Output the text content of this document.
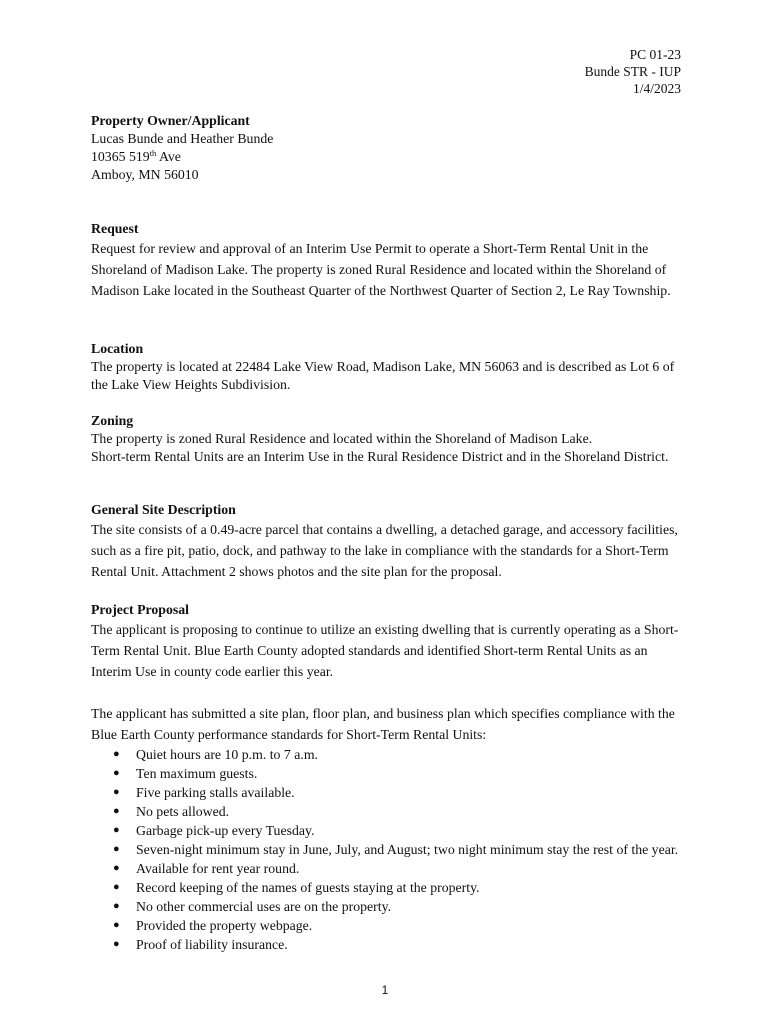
PC 01-23
Bunde STR - IUP
1/4/2023
Property Owner/Applicant
Lucas Bunde and Heather Bunde
10365 519th Ave
Amboy, MN 56010
Request
Request for review and approval of an Interim Use Permit to operate a Short-Term Rental Unit in the Shoreland of Madison Lake. The property is zoned Rural Residence and located within the Shoreland of Madison Lake located in the Southeast Quarter of the Northwest Quarter of Section 2, Le Ray Township.
Location
The property is located at 22484 Lake View Road, Madison Lake, MN 56063 and is described as Lot 6 of the Lake View Heights Subdivision.
Zoning
The property is zoned Rural Residence and located within the Shoreland of Madison Lake.
Short-term Rental Units are an Interim Use in the Rural Residence District and in the Shoreland District.
General Site Description
The site consists of a 0.49-acre parcel that contains a dwelling, a detached garage, and accessory facilities, such as a fire pit, patio, dock, and pathway to the lake in compliance with the standards for a Short-Term Rental Unit. Attachment 2 shows photos and the site plan for the proposal.
Project Proposal
The applicant is proposing to continue to utilize an existing dwelling that is currently operating as a Short-Term Rental Unit. Blue Earth County adopted standards and identified Short-term Rental Units as an Interim Use in county code earlier this year.
The applicant has submitted a site plan, floor plan, and business plan which specifies compliance with the Blue Earth County performance standards for Short-Term Rental Units:
● Quiet hours are 10 p.m. to 7 a.m.
● Ten maximum guests.
● Five parking stalls available.
● No pets allowed.
● Garbage pick-up every Tuesday.
● Seven-night minimum stay in June, July, and August; two night minimum stay the rest of the year.
● Available for rent year round.
● Record keeping of the names of guests staying at the property.
● No other commercial uses are on the property.
● Provided the property webpage.
● Proof of liability insurance.
1
